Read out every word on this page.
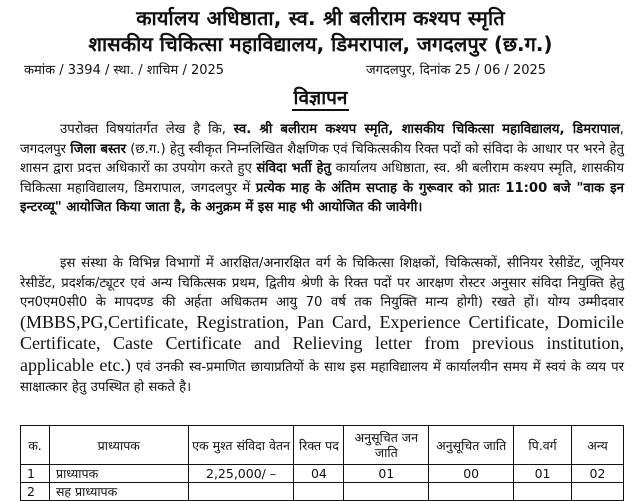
कार्यालय अधिष्ठाता, स्व. श्री बलीराम कश्यप स्मृति
शासकीय चिकित्सा महाविद्यालय, डिमरापाल, जगदलपुर (छ.ग.)
कमांक / 3394 / स्था. / शाचिम / 2025	जगदलपुर, दिनांक 25 / 06 / 2025
विज्ञापन
उपरोक्त विषयांतर्गत लेख है कि, स्व. श्री बलीराम कश्यप स्मृति, शासकीय चिकित्सा महाविद्यालय, डिमरापाल, जगदलपुर जिला बस्तर (छ.ग.) हेतु स्वीकृत निम्नलिखित शैक्षणिक एवं चिकित्सकीय रिक्त पदों को संविदा के आधार पर भरने हेतु शासन द्वारा प्रदत्त अधिकारों का उपयोग करते हुए संविदा भर्ती हेतु कार्यालय अधिष्ठाता, स्व. श्री बलीराम कश्यप स्मृति, शासकीय चिकित्सा महाविद्यालय, डिमरापाल, जगदलपुर में प्रत्येक माह के अंतिम सप्ताह के गुरूवार को प्रातः 11:00 बजे "वाक इन इन्टरव्यू" आयोजित किया जाता है, के अनुक्रम में इस माह भी आयोजित की जावेगी।
इस संस्था के विभिन्न विभागों में आरक्षित/अनारक्षित वर्ग के चिकित्सा शिक्षकों, चिकित्सकों, सीनियर रेसीडेंट, जूनियर रेसीडेंट, प्रदर्शक/ट्यूटर एवं अन्य चिकित्सक प्रथम, द्वितीय श्रेणी के रिक्त पदों पर आरक्षण रोस्टर अनुसार संविदा नियुक्ति हेतु एन0एम0सी0 के मापदण्ड की अर्हता अधिकतम आयु 70 वर्ष तक नियुक्ति मान्य होगी) रखते हों। योग्य उम्मीदवार (MBBS,PG,Certificate, Registration, Pan Card, Experience Certificate, Domicile Certificate, Caste Certificate and Relieving letter from previous institution, applicable etc.) एवं उनकी स्व-प्रमाणित छायाप्रतियों के साथ इस महाविद्यालय में कार्यालयीन समय में स्वयं के व्यय पर साक्षात्कार हेतु उपस्थित हो सकते है।
क.	प्राध्यापक	एक मुश्त संविदा वेतन	रिक्त पद	अनुसूचित जन जाति	अनुसूचित जाति	पि.वर्ग	अन्य
1	प्राध्यापक	2,25,000/ –	04	01	00	01	02
2	सह प्राध्यापक						
